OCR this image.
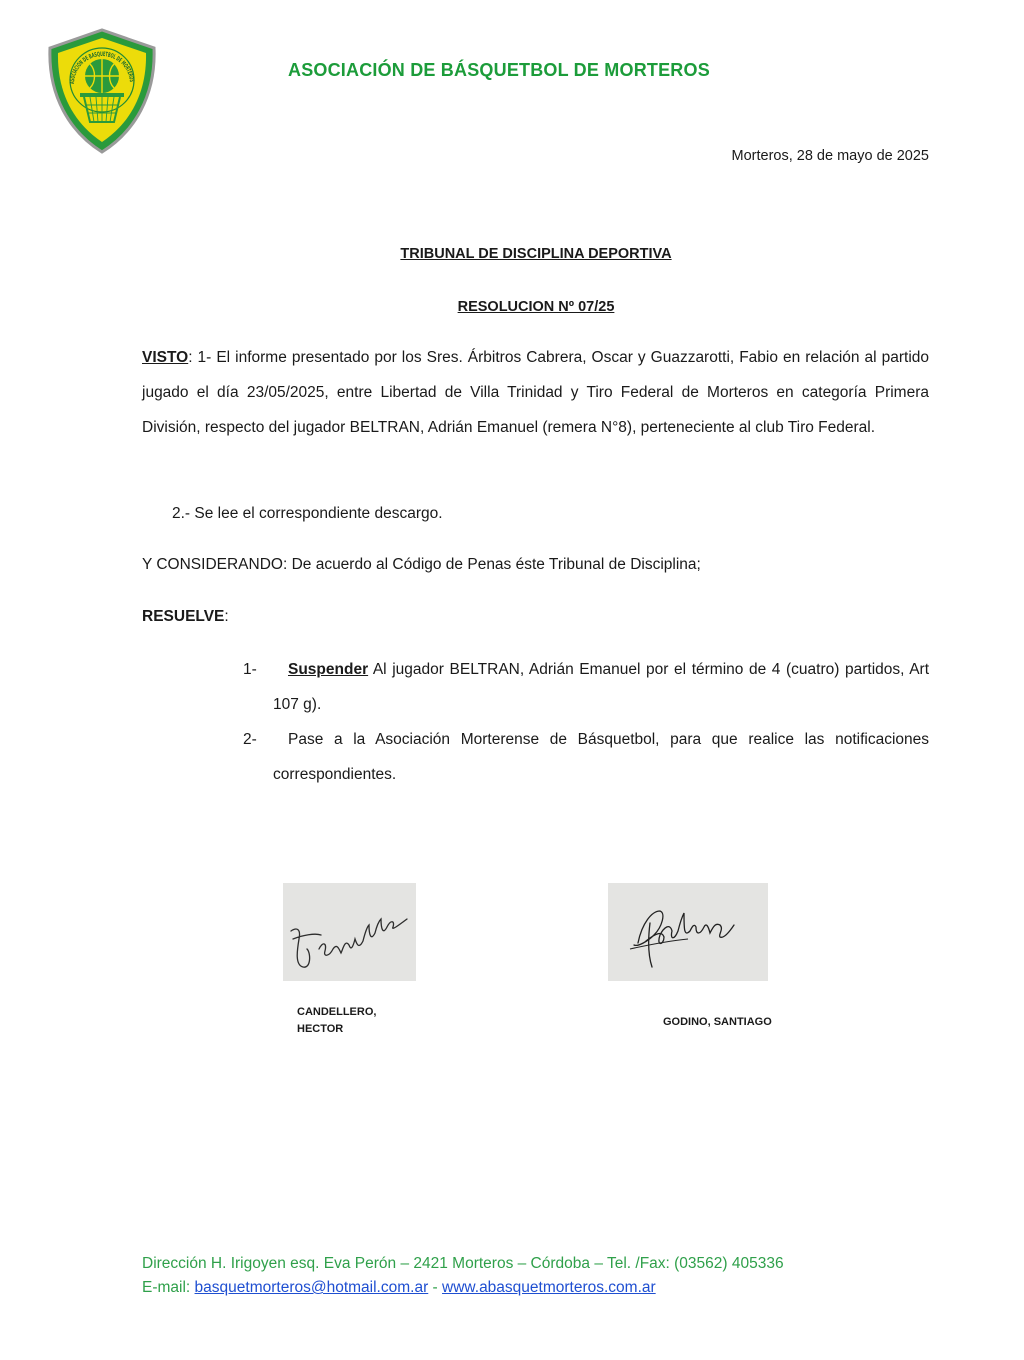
ASOCIACION DE BASQUETBOL DE MORTEROS
ASOCIACIÓN DE BÁSQUETBOL DE MORTEROS
Morteros, 28 de mayo de 2025
TRIBUNAL DE DISCIPLINA DEPORTIVA
RESOLUCION Nº 07/25

VISTO: 1- El informe presentado por los Sres. Árbitros Cabrera, Oscar y Guazzarotti, Fabio en relación al partido jugado el día 23/05/2025, entre Libertad de Villa Trinidad y Tiro Federal de Morteros en categoría Primera División, respecto del jugador BELTRAN, Adrián Emanuel (remera N°8), perteneciente al club Tiro Federal.

2.- Se lee el correspondiente descargo.
Y CONSIDERANDO: De acuerdo al Código de Penas éste Tribunal de Disciplina;
RESUELVE:
1-	Suspender Al jugador BELTRAN, Adrián Emanuel por el término de 4 (cuatro) partidos, Art 107 g).

2-	Pase a la Asociación Morterense de Básquetbol, para que realice las notificaciones correspondientes.

CANDELLERO,
HECTOR
GODINO, SANTIAGO
Dirección H. Irigoyen esq. Eva Perón – 2421 Morteros – Córdoba – Tel. /Fax: (03562) 405336
E-mail: basquetmorteros@hotmail.com.ar - www.abasquetmorteros.com.ar
